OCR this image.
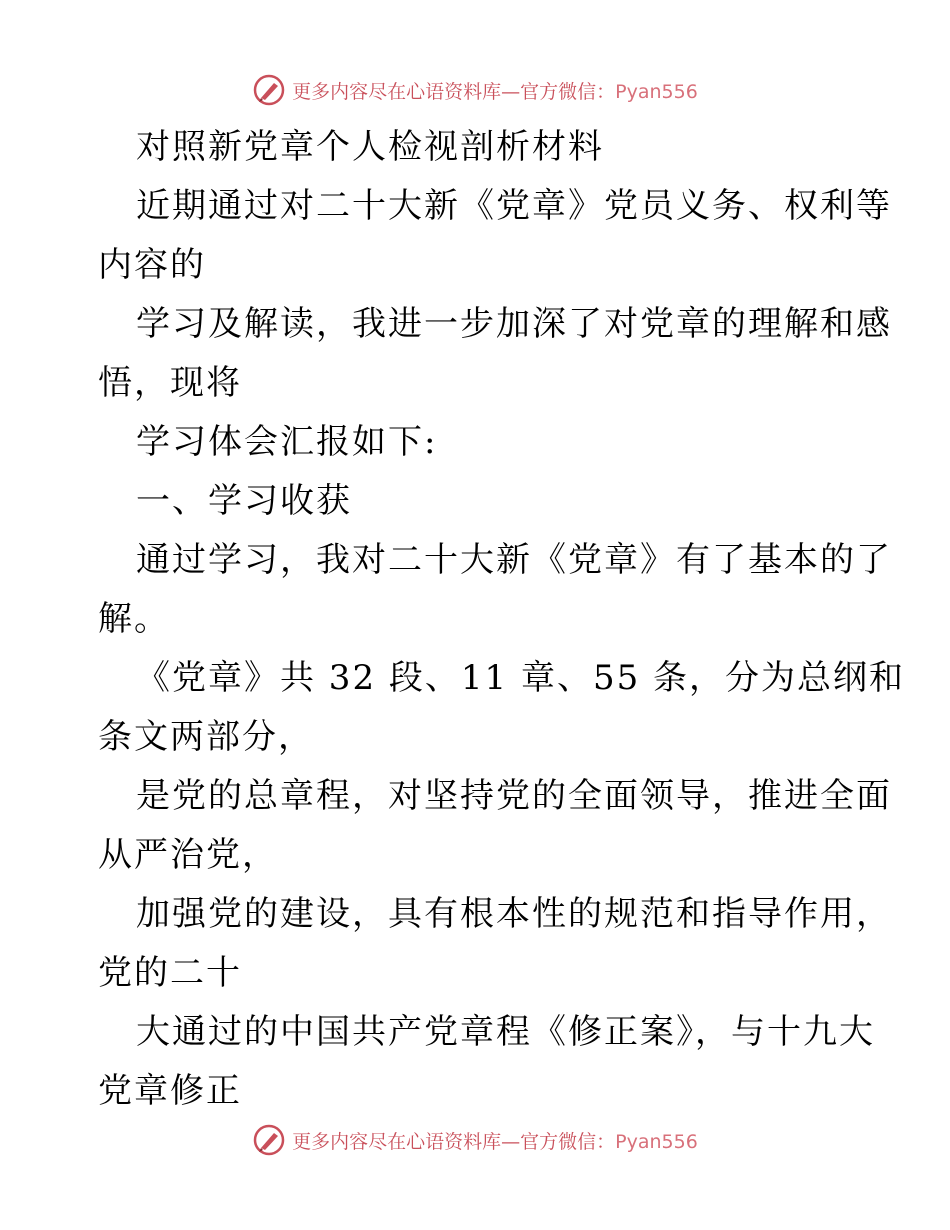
更多内容尽在心语资料库—官方微信：Pyan556
对照新党章个人检视剖析材料
近期通过对二十大新《党章》党员义务、权利等
内容的
学习及解读，我进一步加深了对党章的理解和感
悟，现将
学习体会汇报如下:
一、学习收获
通过学习，我对二十大新《党章》有了基本的了
解。
《党章》共 32 段、11 章、55 条，分为总纲和
条文两部分，
是党的总章程，对坚持党的全面领导，推进全面
从严治党，
加强党的建设，具有根本性的规范和指导作用，
党的二十
大通过的中国共产党章程《修正案》，与十九大
党章修正
更多内容尽在心语资料库—官方微信：Pyan556
